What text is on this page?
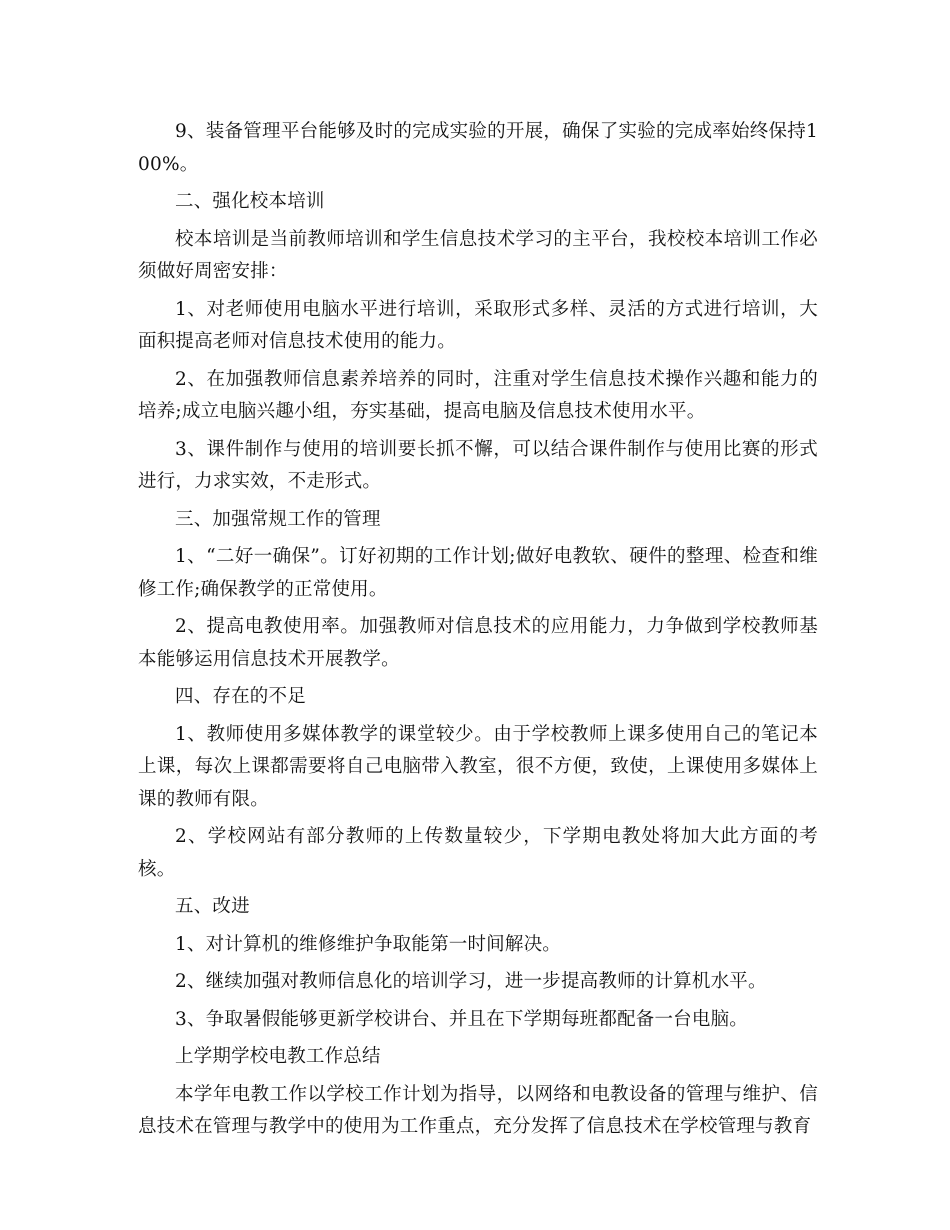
9、装备管理平台能够及时的完成实验的开展，确保了实验的完成率始终保持100%。

二、强化校本培训

校本培训是当前教师培训和学生信息技术学习的主平台，我校校本培训工作必须做好周密安排：

1、对老师使用电脑水平进行培训，采取形式多样、灵活的方式进行培训，大面积提高老师对信息技术使用的能力。

2、在加强教师信息素养培养的同时，注重对学生信息技术操作兴趣和能力的培养;成立电脑兴趣小组，夯实基础，提高电脑及信息技术使用水平。

3、课件制作与使用的培训要长抓不懈，可以结合课件制作与使用比赛的形式进行，力求实效，不走形式。

三、加强常规工作的管理

1、“二好一确保”。订好初期的工作计划;做好电教软、硬件的整理、检查和维修工作;确保教学的正常使用。

2、提高电教使用率。加强教师对信息技术的应用能力，力争做到学校教师基本能够运用信息技术开展教学。

四、存在的不足

1、教师使用多媒体教学的课堂较少。由于学校教师上课多使用自己的笔记本上课，每次上课都需要将自己电脑带入教室，很不方便，致使，上课使用多媒体上课的教师有限。

2、学校网站有部分教师的上传数量较少，下学期电教处将加大此方面的考核。

五、改进

1、对计算机的维修维护争取能第一时间解决。

2、继续加强对教师信息化的培训学习，进一步提高教师的计算机水平。

3、争取暑假能够更新学校讲台、并且在下学期每班都配备一台电脑。

上学期学校电教工作总结

本学年电教工作以学校工作计划为指导，以网络和电教设备的管理与维护、信息技术在管理与教学中的使用为工作重点，充分发挥了信息技术在学校管理与教育
